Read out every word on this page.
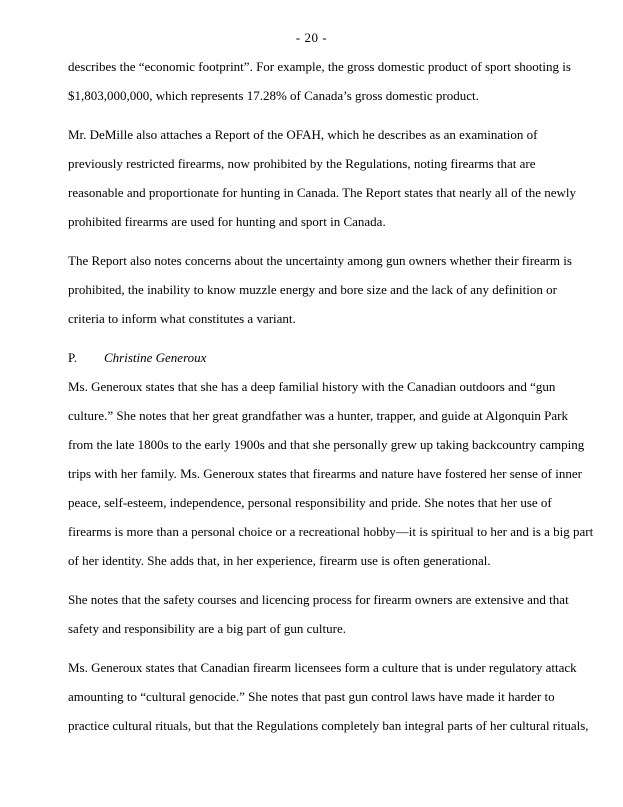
- 20 -
describes the “economic footprint”. For example, the gross domestic product of sport shooting is
$1,803,000,000, which represents 17.28% of Canada’s gross domestic product.
Mr. DeMille also attaches a Report of the OFAH, which he describes as an examination of
previously restricted firearms, now prohibited by the Regulations, noting firearms that are
reasonable and proportionate for hunting in Canada. The Report states that nearly all of the newly
prohibited firearms are used for hunting and sport in Canada.
The Report also notes concerns about the uncertainty among gun owners whether their firearm is
prohibited, the inability to know muzzle energy and bore size and the lack of any definition or
criteria to inform what constitutes a variant.
P. Christine Generoux
Ms. Generoux states that she has a deep familial history with the Canadian outdoors and “gun
culture.” She notes that her great grandfather was a hunter, trapper, and guide at Algonquin Park
from the late 1800s to the early 1900s and that she personally grew up taking backcountry camping
trips with her family. Ms. Generoux states that firearms and nature have fostered her sense of inner
peace, self-esteem, independence, personal responsibility and pride. She notes that her use of
firearms is more than a personal choice or a recreational hobby—it is spiritual to her and is a big part
of her identity. She adds that, in her experience, firearm use is often generational.
She notes that the safety courses and licencing process for firearm owners are extensive and that
safety and responsibility are a big part of gun culture.
Ms. Generoux states that Canadian firearm licensees form a culture that is under regulatory attack
amounting to “cultural genocide.” She notes that past gun control laws have made it harder to
practice cultural rituals, but that the Regulations completely ban integral parts of her cultural rituals,
